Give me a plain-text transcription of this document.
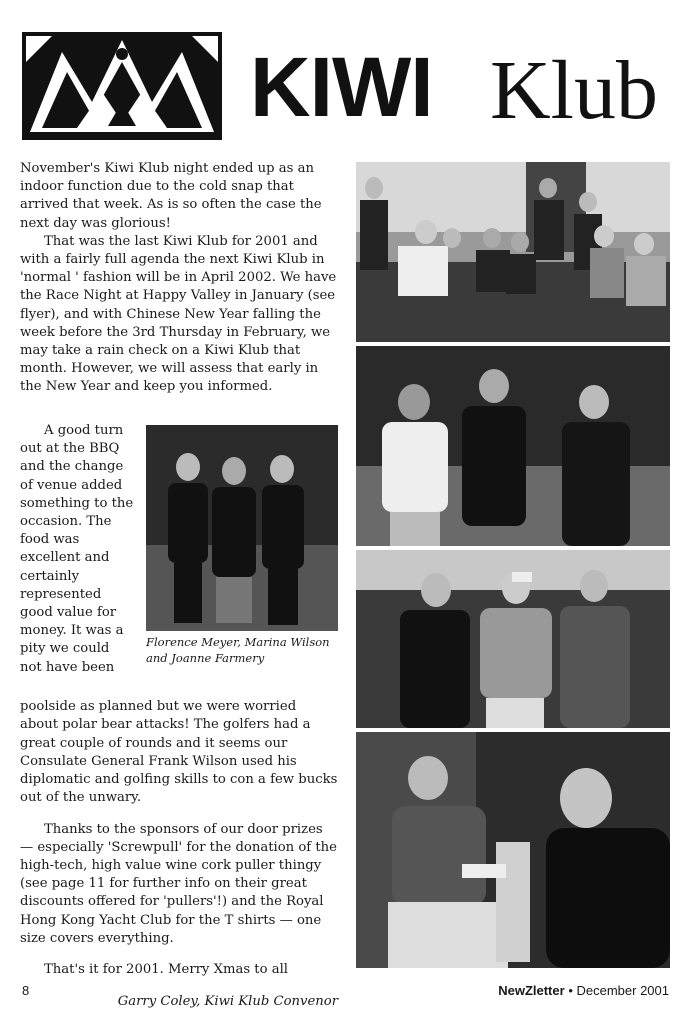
KIWI Klub

November's Kiwi Klub night ended up as an indoor function due to the cold snap that arrived that week. As is so often the case the next day was glorious!

That was the last Kiwi Klub for 2001 and with a fairly full agenda the next Kiwi Klub in 'normal ' fashion will be in April 2002. We have the Race Night at Happy Valley in January (see flyer), and with Chinese New Year falling the week before the 3rd Thursday in February, we may take a rain check on a Kiwi Klub that month. However, we will assess that early in the New Year and keep you informed.

A good turn
out at the BBQ
and the change
of venue added
something to the
occasion. The
food was
excellent and
certainly
represented
good value for
money. It was a
pity we could
not have been
Florence Meyer, Marina Wilson and Joanne Farmery

poolside as planned but we were worried about polar bear attacks! The golfers had a great couple of rounds and it seems our Consulate General Frank Wilson used his diplomatic and golfing skills to con a few bucks out of the unwary.

Thanks to the sponsors of our door prizes — especially 'Screwpull' for the donation of the high-tech, high value wine cork puller thingy (see page 11 for further info on their great discounts offered for 'pullers'!) and the Royal Hong Kong Yacht Club for the T shirts — one size covers everything.

That's it for 2001. Merry Xmas to all

Garry Coley, Kiwi Klub Convenor

8	NewZletter • December 2001
